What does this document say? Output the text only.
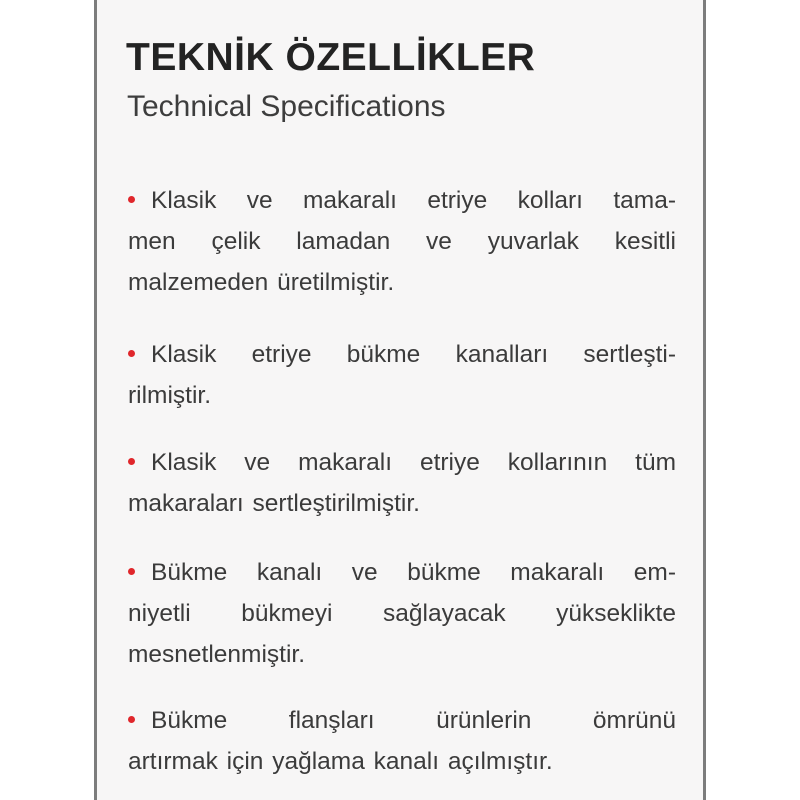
TEKNİK ÖZELLİKLER
Technical Specifications
Klasik ve makaralı etriye kolları tama-
men çelik lamadan ve yuvarlak kesitli
malzemeden üretilmiştir.
Klasik etriye bükme kanalları sertleşti-
rilmiştir.
Klasik ve makaralı etriye kollarının tüm
makaraları sertleştirilmiştir.
Bükme kanalı ve bükme makaralı em-
niyetli bükmeyi sağlayacak yükseklikte
mesnetlenmiştir.
Bükme flanşları ürünlerin ömrünü
artırmak için yağlama kanalı açılmıştır.
